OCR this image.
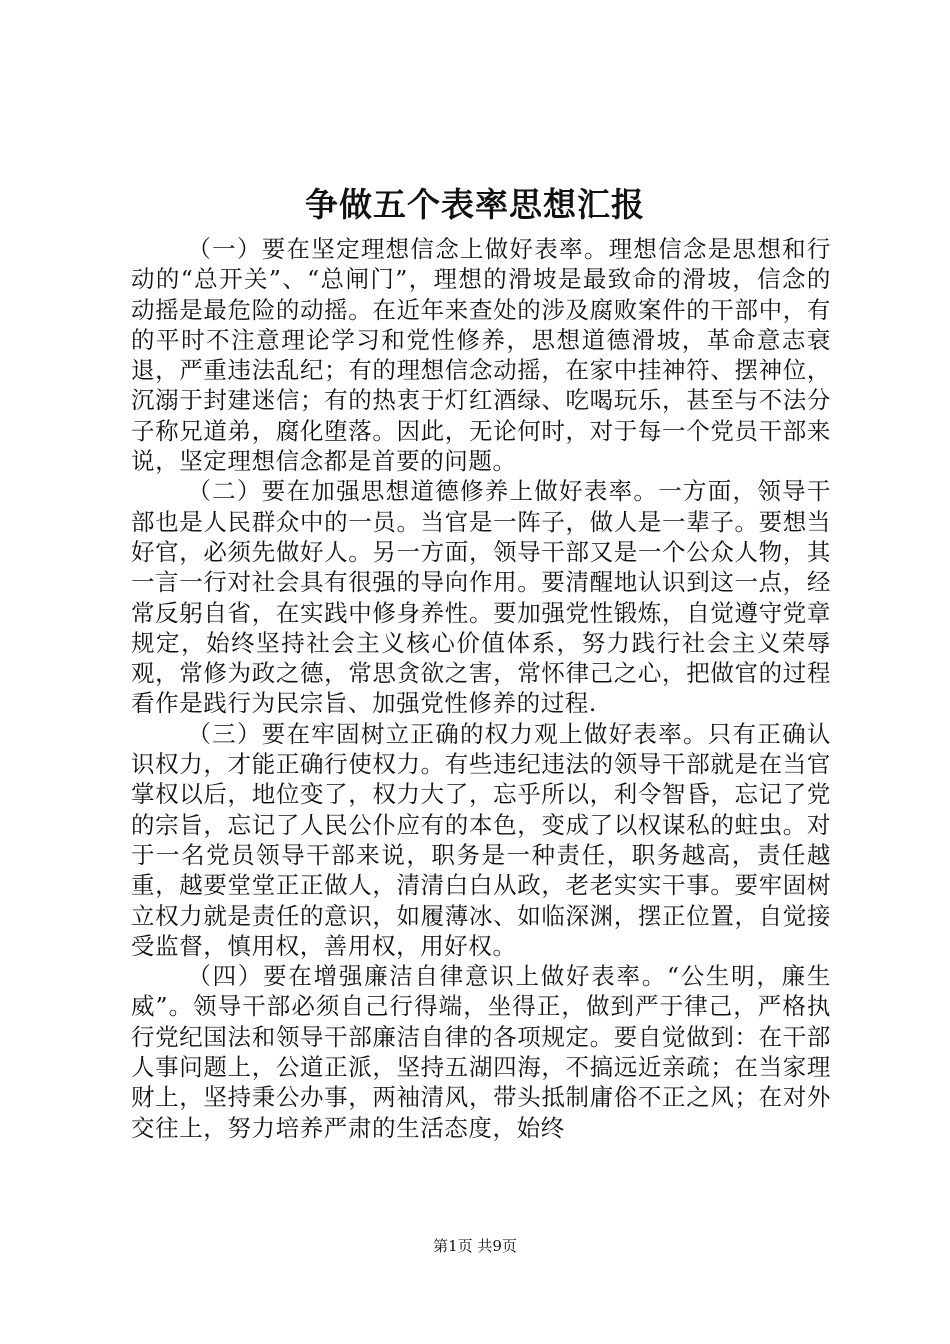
争做五个表率思想汇报

（一）要在坚定理想信念上做好表率。理想信念是思想和行动的“总开关”、“总闸门”，理想的滑坡是最致命的滑坡，信念的动摇是最危险的动摇。在近年来查处的涉及腐败案件的干部中，有的平时不注意理论学习和党性修养，思想道德滑坡，革命意志衰退，严重违法乱纪；有的理想信念动摇，在家中挂神符、摆神位，沉溺于封建迷信；有的热衷于灯红酒绿、吃喝玩乐，甚至与不法分子称兄道弟，腐化堕落。因此，无论何时，对于每一个党员干部来说，坚定理想信念都是首要的问题。

（二）要在加强思想道德修养上做好表率。一方面，领导干部也是人民群众中的一员。当官是一阵子，做人是一辈子。要想当好官，必须先做好人。另一方面，领导干部又是一个公众人物，其一言一行对社会具有很强的导向作用。要清醒地认识到这一点，经常反躬自省，在实践中修身养性。要加强党性锻炼，自觉遵守党章规定，始终坚持社会主义核心价值体系，努力践行社会主义荣辱观，常修为政之德，常思贪欲之害，常怀律己之心，把做官的过程看作是践行为民宗旨、加强党性修养的过程.

（三）要在牢固树立正确的权力观上做好表率。只有正确认识权力，才能正确行使权力。有些违纪违法的领导干部就是在当官掌权以后，地位变了，权力大了，忘乎所以，利令智昏，忘记了党的宗旨，忘记了人民公仆应有的本色，变成了以权谋私的蛀虫。对于一名党员领导干部来说，职务是一种责任，职务越高，责任越重，越要堂堂正正做人，清清白白从政，老老实实干事。要牢固树立权力就是责任的意识，如履薄冰、如临深渊，摆正位置，自觉接受监督，慎用权，善用权，用好权。

（四）要在增强廉洁自律意识上做好表率。“公生明，廉生威”。领导干部必须自己行得端，坐得正，做到严于律己，严格执行党纪国法和领导干部廉洁自律的各项规定。要自觉做到：在干部人事问题上，公道正派，坚持五湖四海，不搞远近亲疏；在当家理财上，坚持秉公办事，两袖清风，带头抵制庸俗不正之风；在对外交往上，努力培养严肃的生活态度，始终

第1页 共9页
